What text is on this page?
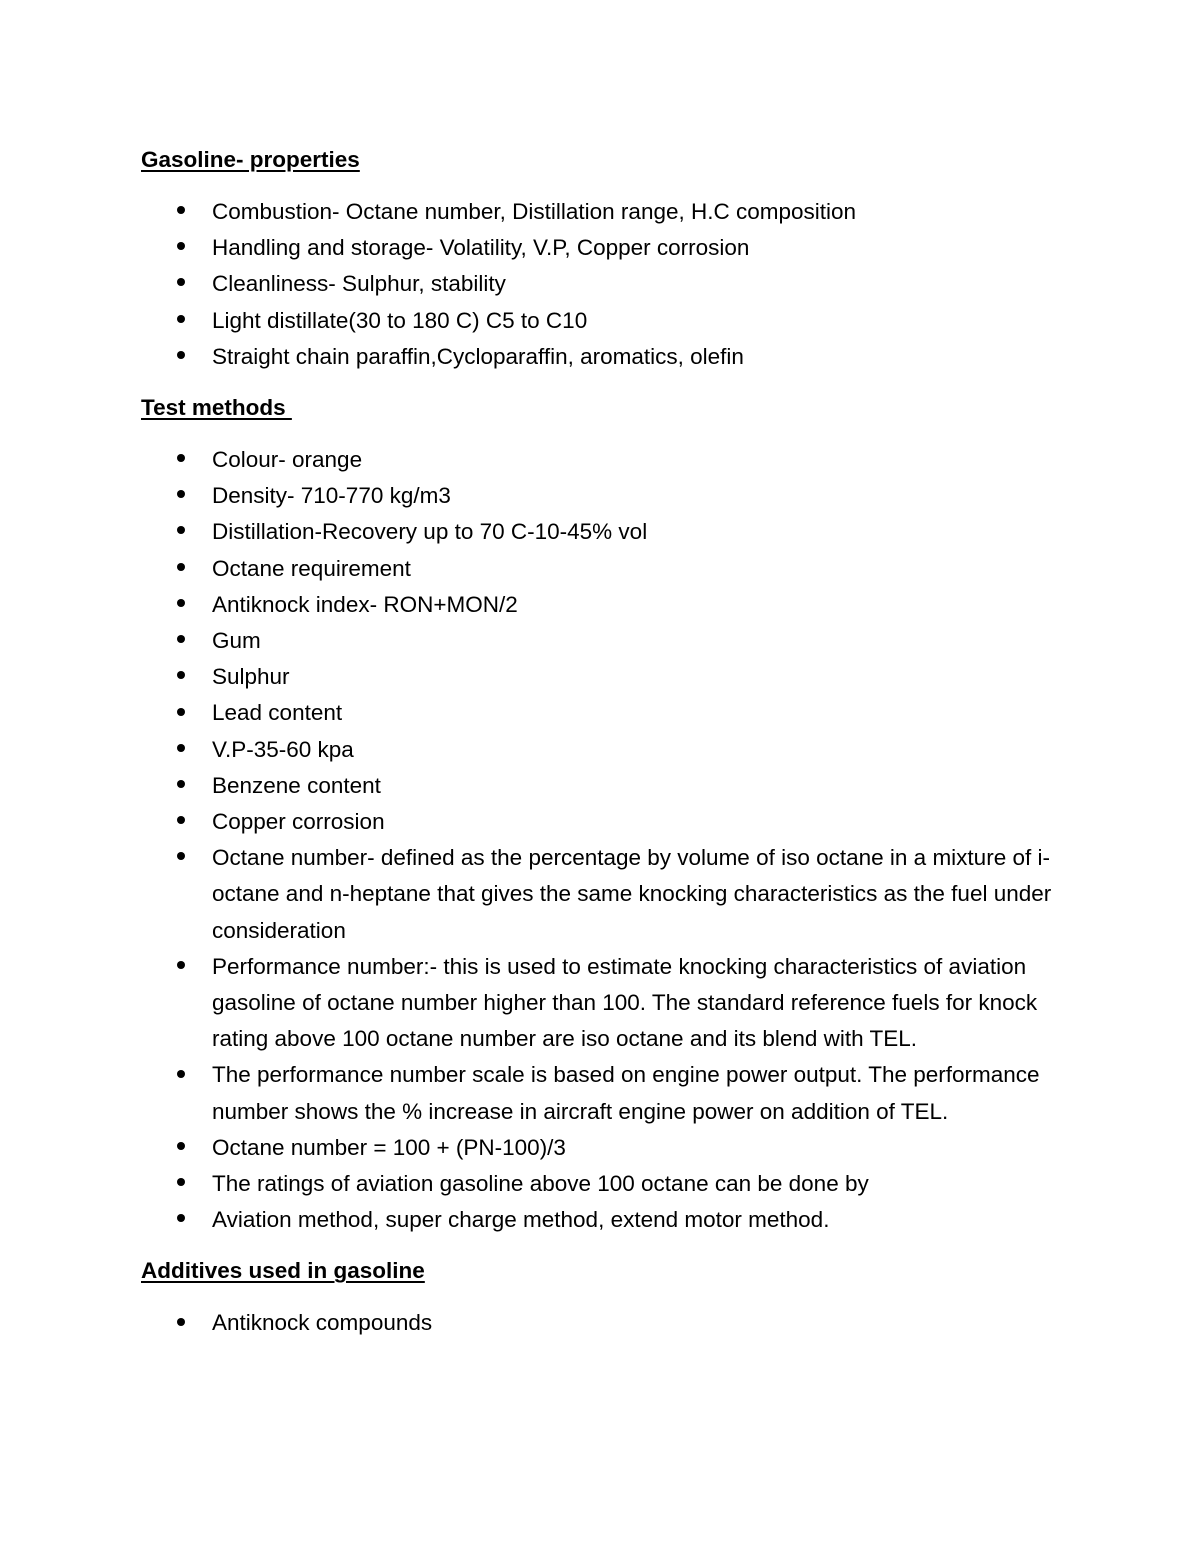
Gasoline- properties
Combustion- Octane number, Distillation range, H.C composition
Handling and storage- Volatility, V.P, Copper corrosion
Cleanliness- Sulphur, stability
Light distillate(30 to 180 C) C5 to C10
Straight chain paraffin,Cycloparaffin, aromatics, olefin
Test methods
Colour- orange
Density- 710-770 kg/m3
Distillation-Recovery up to 70 C-10-45% vol
Octane requirement
Antiknock index- RON+MON/2
Gum
Sulphur
Lead content
V.P-35-60 kpa
Benzene content
Copper corrosion
Octane number- defined as the percentage by volume of iso octane in a mixture of i-octane and n-heptane that gives the same knocking characteristics as the fuel under consideration
Performance number:- this is used to estimate knocking characteristics of aviation gasoline of octane number higher than 100. The standard reference fuels for knock rating above 100 octane number are iso octane and its blend with TEL.
The performance number scale is based on engine power output. The performance number shows the % increase in aircraft engine power on addition of TEL.
Octane number = 100 + (PN-100)/3
The ratings of aviation gasoline above 100 octane can be done by
Aviation method, super charge method, extend motor method.
Additives used in gasoline
Antiknock compounds
